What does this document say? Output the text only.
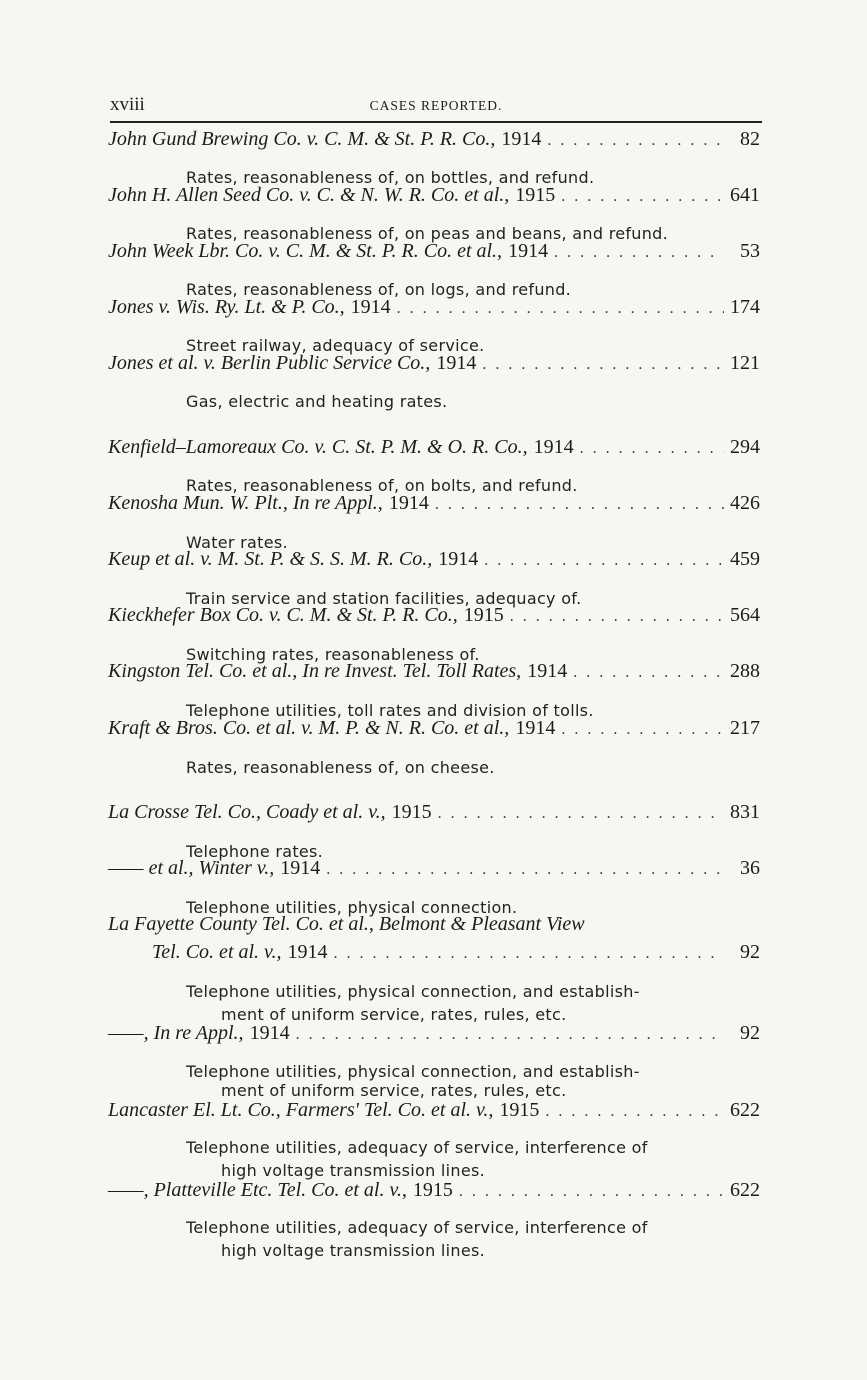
xviii	CASES REPORTED.
John Gund Brewing Co. v. C. M. & St. P. R. Co., 1914 . . .	82
Rates, reasonableness of, on bottles, and refund.
John H. Allen Seed Co. v. C. & N. W. R. Co. et al., 1915 . . .	641
Rates, reasonableness of, on peas and beans, and refund.
John Week Lbr. Co. v. C. M. & St. P. R. Co. et al., 1914 . . .	53
Rates, reasonableness of, on logs, and refund.
Jones v. Wis. Ry. Lt. & P. Co., 1914 . . .	174
Street railway, adequacy of service.
Jones et al. v. Berlin Public Service Co., 1914 . . .	121
Gas, electric and heating rates.
Kenfield–Lamoreaux Co. v. C. St. P. M. & O. R. Co., 1914 . . .	294
Rates, reasonableness of, on bolts, and refund.
Kenosha Mun. W. Plt., In re Appl., 1914 . . .	426
Water rates.
Keup et al. v. M. St. P. & S. S. M. R. Co., 1914 . . .	459
Train service and station facilities, adequacy of.
Kieckhefer Box Co. v. C. M. & St. P. R. Co., 1915 . . .	564
Switching rates, reasonableness of.
Kingston Tel. Co. et al., In re Invest. Tel. Toll Rates, 1914 . . .	288
Telephone utilities, toll rates and division of tolls.
Kraft & Bros. Co. et al. v. M. P. & N. R. Co. et al., 1914 . . .	217
Rates, reasonableness of, on cheese.
La Crosse Tel. Co., Coady et al. v., 1915 . . .	831
Telephone rates.
—— et al., Winter v., 1914 . . .	36
Telephone utilities, physical connection.
La Fayette County Tel. Co. et al., Belmont & Pleasant View
Tel. Co. et al. v., 1914 . . .	92
Telephone utilities, physical connection, and establish-
ment of uniform service, rates, rules, etc.
——, In re Appl., 1914 . . .	92
Telephone utilities, physical connection, and establish-
ment of uniform service, rates, rules, etc.
Lancaster El. Lt. Co., Farmers' Tel. Co. et al. v., 1915 . . .	622
Telephone utilities, adequacy of service, interference of
high voltage transmission lines.
——, Platteville Etc. Tel. Co. et al. v., 1915 . . .	622
Telephone utilities, adequacy of service, interference of
high voltage transmission lines.
